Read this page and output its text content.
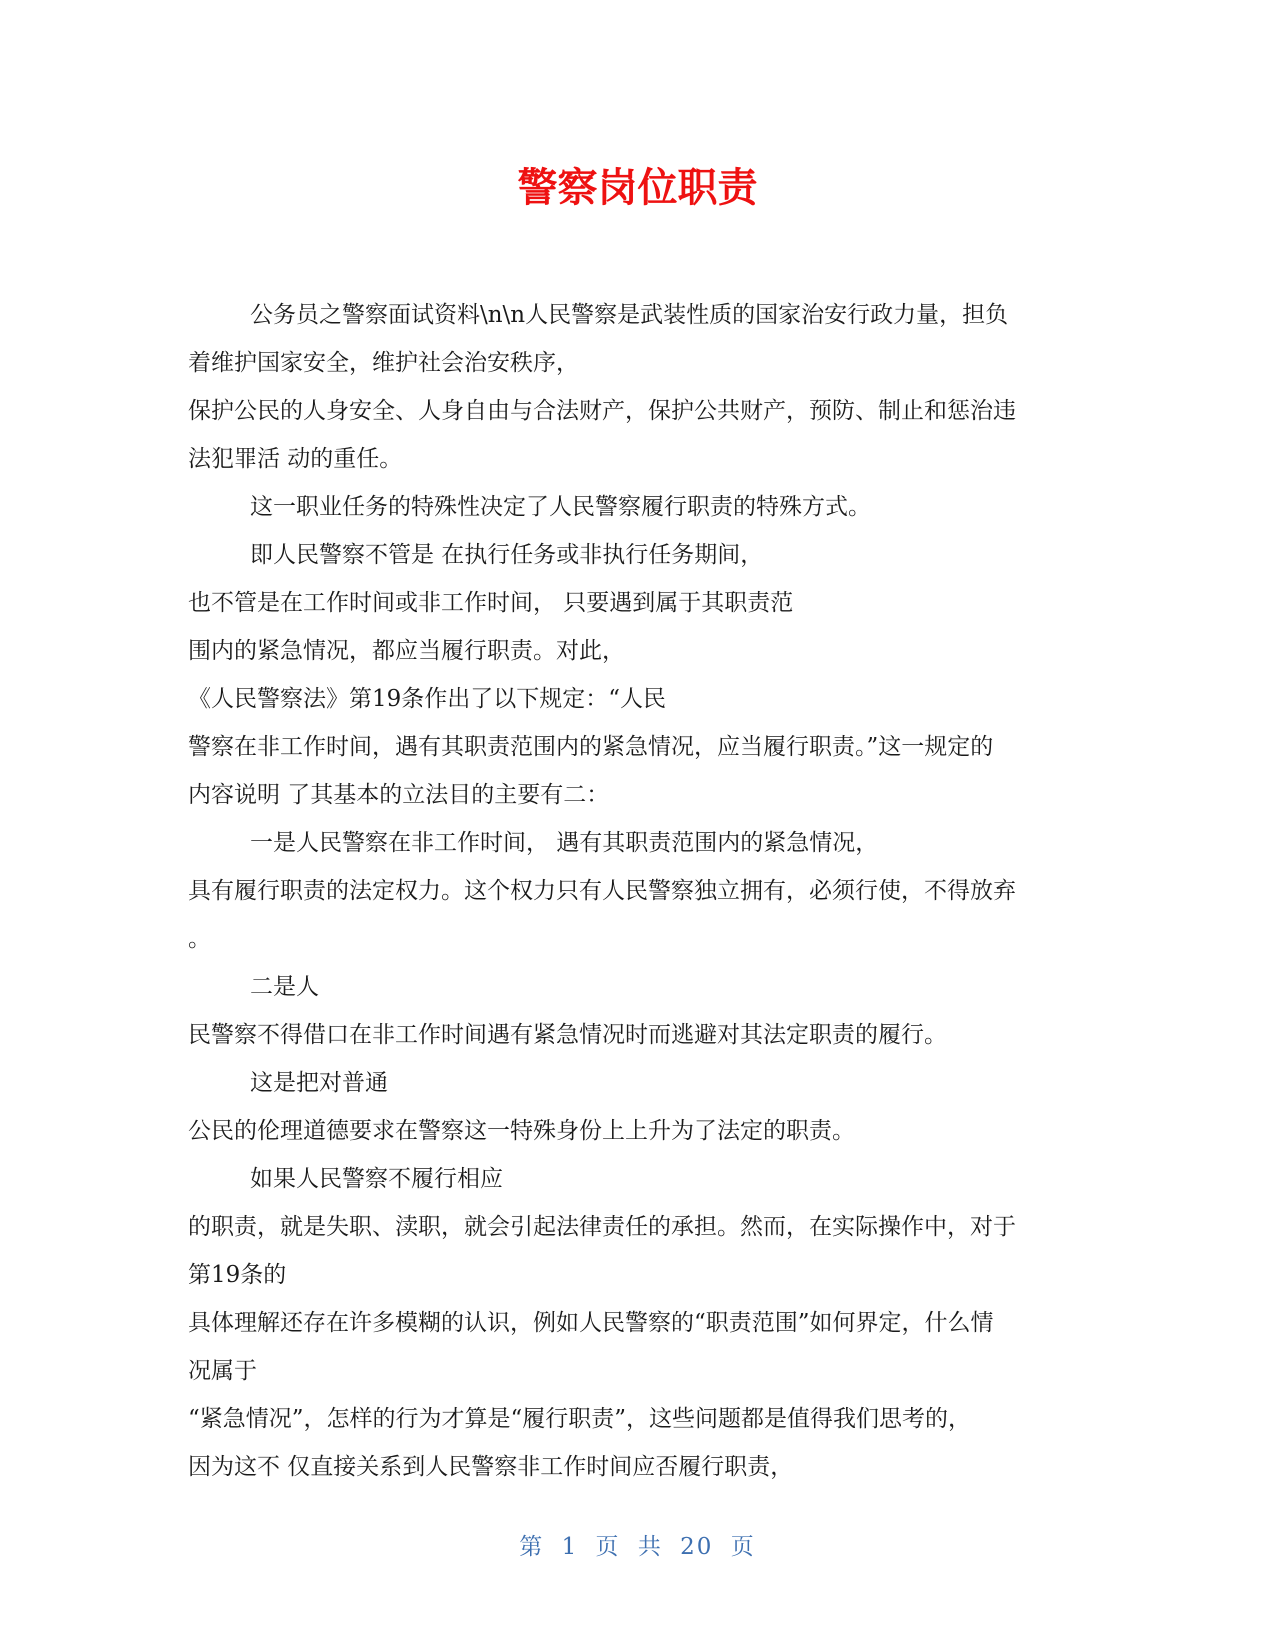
警察岗位职责
公务员之警察面试资料\n\n人民警察是武装性质的国家治安行政力量，担负
着维护国家安全，维护社会治安秩序，
保护公民的人身安全、人身自由与合法财产，保护公共财产，预防、制止和惩治违
法犯罪活 动的重任。
这一职业任务的特殊性决定了人民警察履行职责的特殊方式。
即人民警察不管是 在执行任务或非执行任务期间，
也不管是在工作时间或非工作时间， 只要遇到属于其职责范
围内的紧急情况，都应当履行职责。对此，
《人民警察法》第19条作出了以下规定：“人民
警察在非工作时间，遇有其职责范围内的紧急情况，应当履行职责。”这一规定的
内容说明 了其基本的立法目的主要有二：
一是人民警察在非工作时间， 遇有其职责范围内的紧急情况，
具有履行职责的法定权力。这个权力只有人民警察独立拥有，必须行使，不得放弃
。
二是人
民警察不得借口在非工作时间遇有紧急情况时而逃避对其法定职责的履行。
这是把对普通
公民的伦理道德要求在警察这一特殊身份上上升为了法定的职责。
如果人民警察不履行相应
的职责，就是失职、渎职，就会引起法律责任的承担。然而，在实际操作中，对于
第19条的
具体理解还存在许多模糊的认识，例如人民警察的“职责范围”如何界定，什么情
况属于
“紧急情况”，怎样的行为才算是“履行职责”，这些问题都是值得我们思考的，
因为这不 仅直接关系到人民警察非工作时间应否履行职责，
第 1 页 共 20 页
